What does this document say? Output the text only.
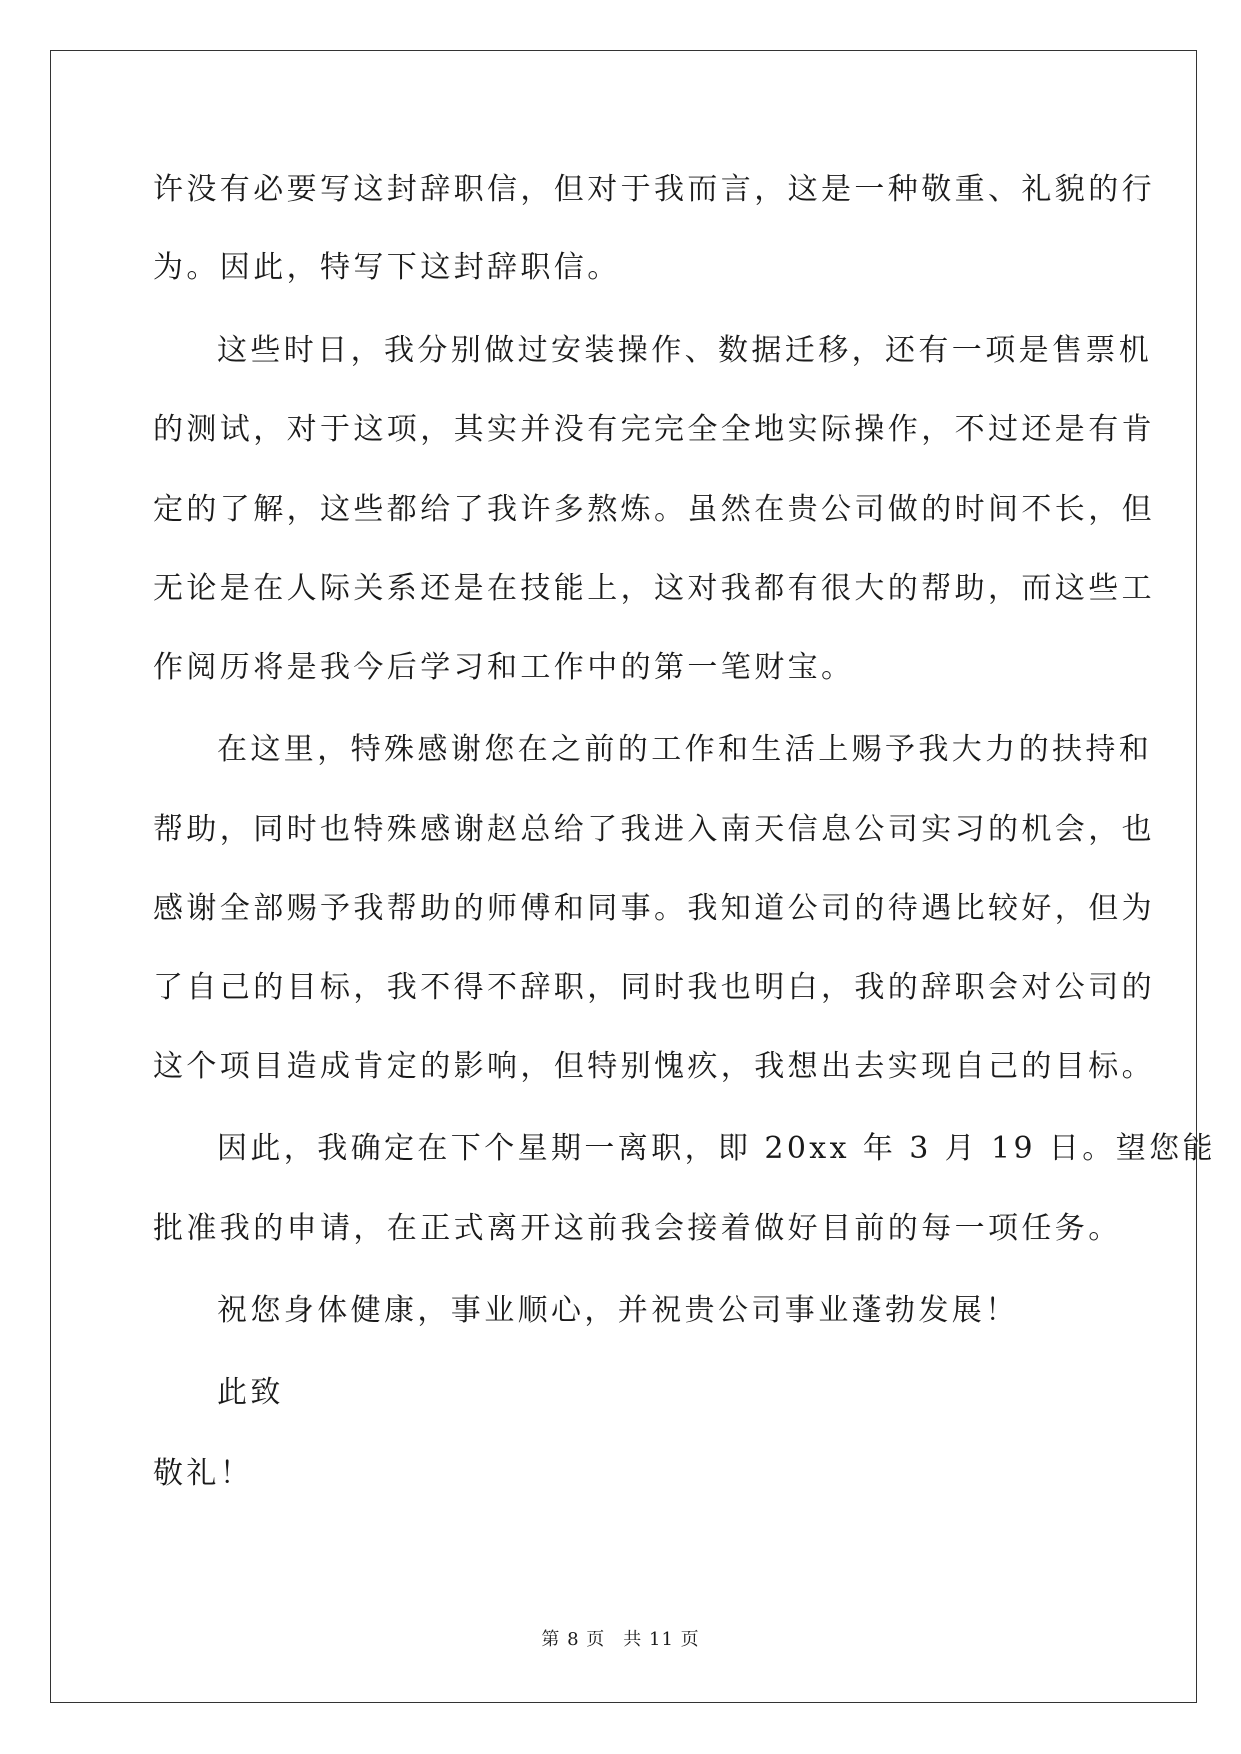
许没有必要写这封辞职信，但对于我而言，这是一种敬重、礼貌的行
为。因此，特写下这封辞职信。
这些时日，我分别做过安装操作、数据迁移，还有一项是售票机
的测试，对于这项，其实并没有完完全全地实际操作，不过还是有肯
定的了解，这些都给了我许多熬炼。虽然在贵公司做的时间不长，但
无论是在人际关系还是在技能上，这对我都有很大的帮助，而这些工
作阅历将是我今后学习和工作中的第一笔财宝。
在这里，特殊感谢您在之前的工作和生活上赐予我大力的扶持和
帮助，同时也特殊感谢赵总给了我进入南天信息公司实习的机会，也
感谢全部赐予我帮助的师傅和同事。我知道公司的待遇比较好，但为
了自己的目标，我不得不辞职，同时我也明白，我的辞职会对公司的
这个项目造成肯定的影响，但特别愧疚，我想出去实现自己的目标。
因此，我确定在下个星期一离职，即 20xx 年 3 月 19 日。望您能
批准我的申请，在正式离开这前我会接着做好目前的每一项任务。
祝您身体健康，事业顺心，并祝贵公司事业蓬勃发展！
此致
敬礼！
第 8 页 共 11 页
